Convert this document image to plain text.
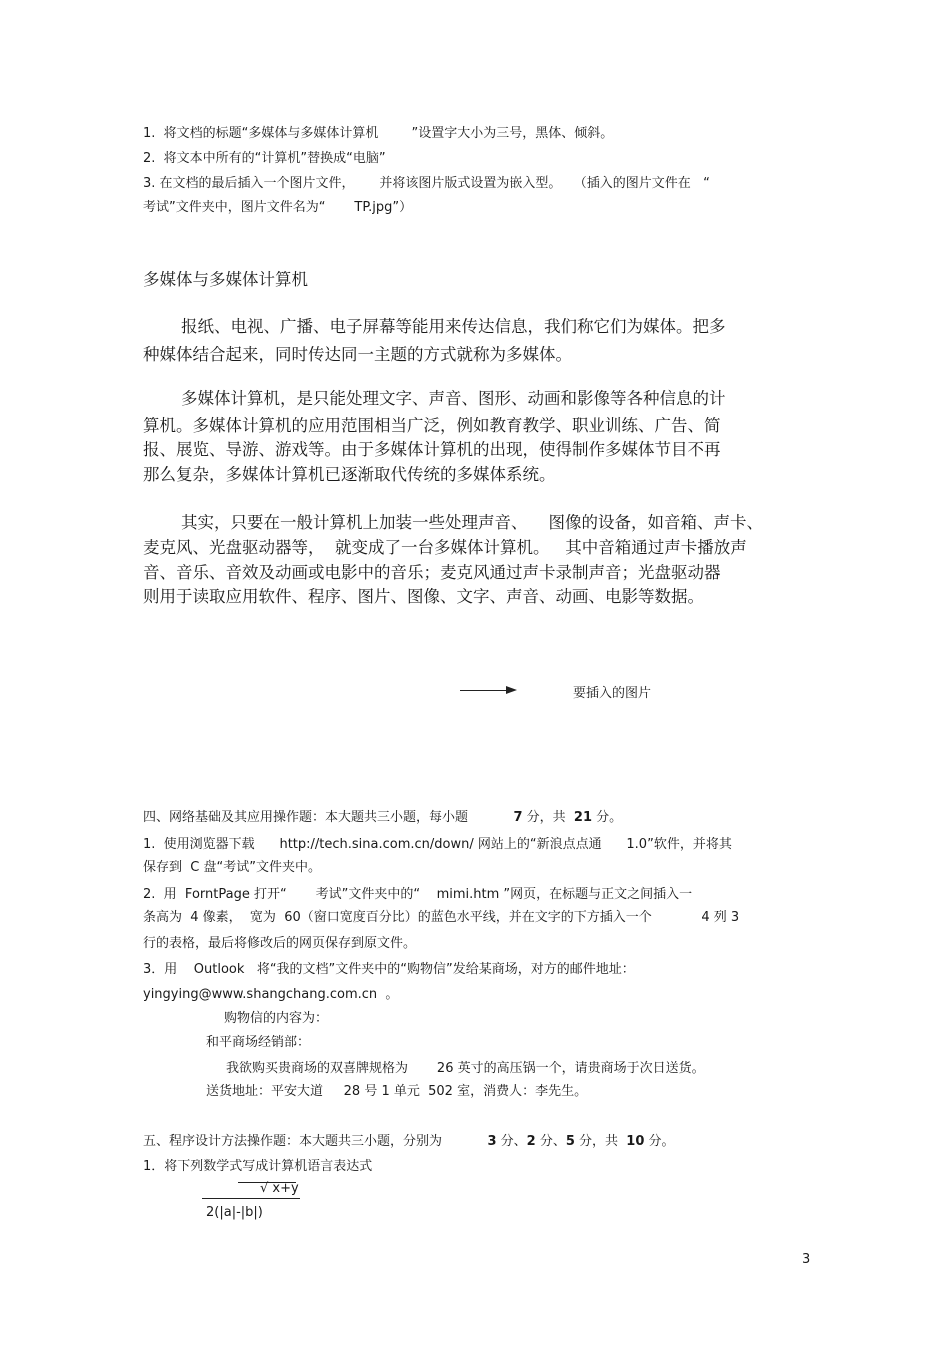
1.  将文档的标题“多媒体与多媒体计算机        ”设置字大小为三号，黑体、倾斜。
2.  将文本中所有的“计算机”替换成“电脑”
3. 在文档的最后插入一个图片文件，      并将该图片版式设置为嵌入型。   （插入的图片文件在   “
考试”文件夹中，图片文件名为“       TP.jpg”）
多媒体与多媒体计算机
报纸、电视、广播、电子屏幕等能用来传达信息，我们称它们为媒体。把多
种媒体结合起来，同时传达同一主题的方式就称为多媒体。
多媒体计算机，是只能处理文字、声音、图形、动画和影像等各种信息的计
算机。多媒体计算机的应用范围相当广泛，例如教育教学、职业训练、广告、简
报、展览、导游、游戏等。由于多媒体计算机的出现，使得制作多媒体节目不再
那么复杂，多媒体计算机已逐渐取代传统的多媒体系统。
其实，只要在一般计算机上加装一些处理声音、    图像的设备，如音箱、声卡、
麦克风、光盘驱动器等，  就变成了一台多媒体计算机。   其中音箱通过声卡播放声
音、音乐、音效及动画或电影中的音乐；麦克风通过声卡录制声音；光盘驱动器
则用于读取应用软件、程序、图片、图像、文字、声音、动画、电影等数据。
要插入的图片
四、网络基础及其应用操作题：本大题共三小题，每小题           7 分，共  21 分。
1.  使用浏览器下载      http://tech.sina.com.cn/down/ 网站上的“新浪点点通      1.0”软件，并将其
保存到  C 盘“考试”文件夹中。
2.  用  ForntPage 打开“       考试”文件夹中的“    mimi.htm ”网页，在标题与正文之间插入一
条高为  4 像素，  宽为  60（窗口宽度百分比）的蓝色水平线，并在文字的下方插入一个            4 列 3
行的表格，最后将修改后的网页保存到原文件。
3．用    Outlook   将“我的文档”文件夹中的“购物信”发给某商场，对方的邮件地址：
yingying@www.shangchang.com.cn  。
购物信的内容为：
和平商场经销部：
我欲购买贵商场的双喜牌规格为       26 英寸的高压锅一个，请贵商场于次日送货。
送货地址：平安大道     28 号 1 单元  502 室，消费人：李先生。
五、程序设计方法操作题：本大题共三小题，分别为           3 分、2 分、5 分，共  10 分。
1．将下列数学式写成计算机语言表达式
√ x+y
2(|a|-|b|)
3
